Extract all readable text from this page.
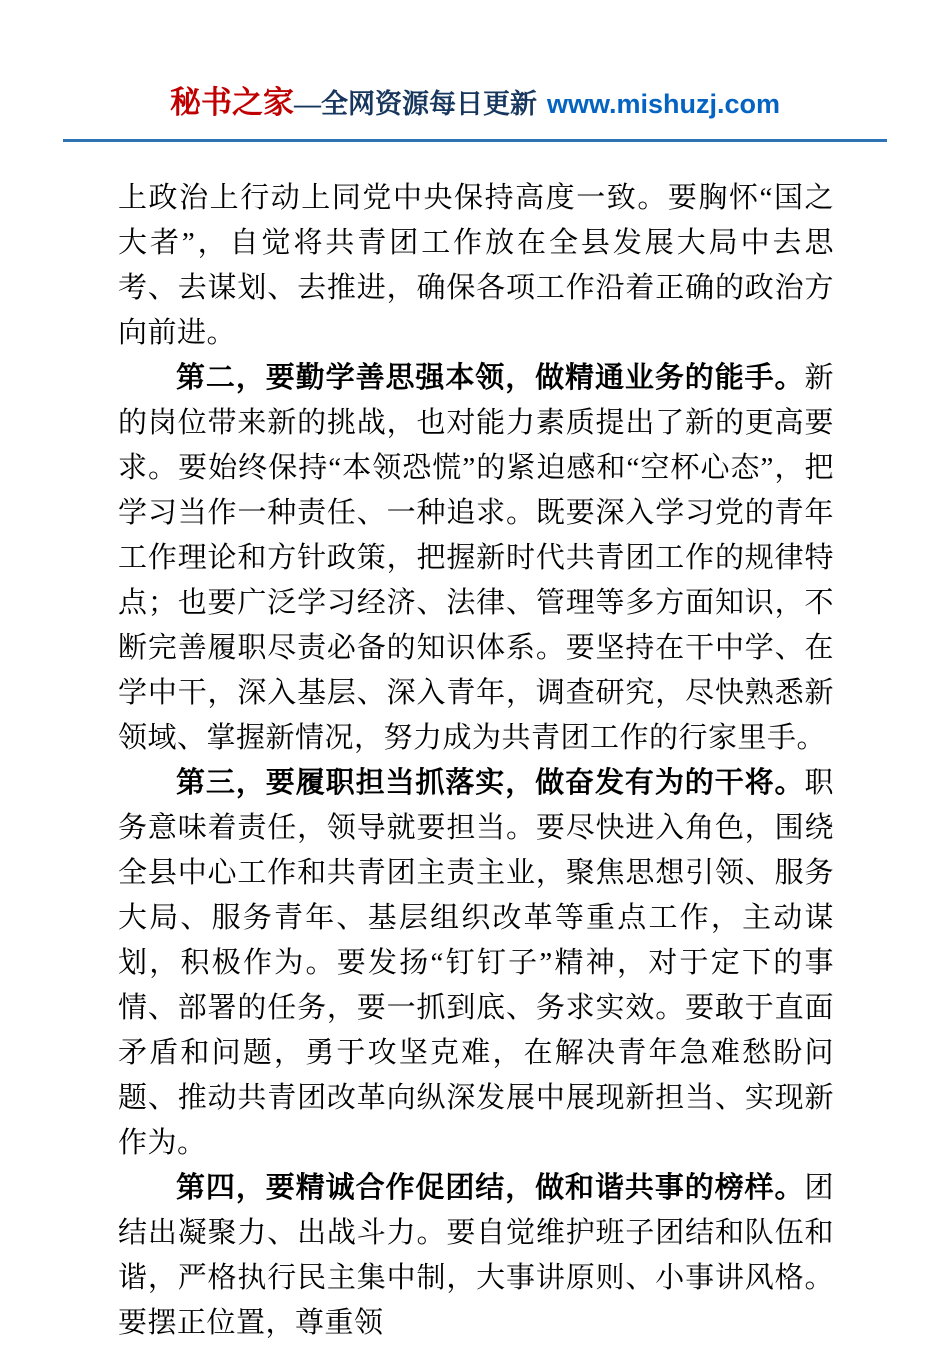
秘书之家—全网资源每日更新 www.mishuzj.com

上政治上行动上同党中央保持高度一致。要胸怀“国之大者”，自觉将共青团工作放在全县发展大局中去思考、去谋划、去推进，确保各项工作沿着正确的政治方向前进。

第二，要勤学善思强本领，做精通业务的能手。新的岗位带来新的挑战，也对能力素质提出了新的更高要求。要始终保持“本领恐慌”的紧迫感和“空杯心态”，把学习当作一种责任、一种追求。既要深入学习党的青年工作理论和方针政策，把握新时代共青团工作的规律特点；也要广泛学习经济、法律、管理等多方面知识，不断完善履职尽责必备的知识体系。要坚持在干中学、在学中干，深入基层、深入青年，调查研究，尽快熟悉新领域、掌握新情况，努力成为共青团工作的行家里手。

第三，要履职担当抓落实，做奋发有为的干将。职务意味着责任，领导就要担当。要尽快进入角色，围绕全县中心工作和共青团主责主业，聚焦思想引领、服务大局、服务青年、基层组织改革等重点工作，主动谋划，积极作为。要发扬“钉钉子”精神，对于定下的事情、部署的任务，要一抓到底、务求实效。要敢于直面矛盾和问题，勇于攻坚克难，在解决青年急难愁盼问题、推动共青团改革向纵深发展中展现新担当、实现新作为。

第四，要精诚合作促团结，做和谐共事的榜样。团结出凝聚力、出战斗力。要自觉维护班子团结和队伍和谐，严格执行民主集中制，大事讲原则、小事讲风格。要摆正位置，尊重领
